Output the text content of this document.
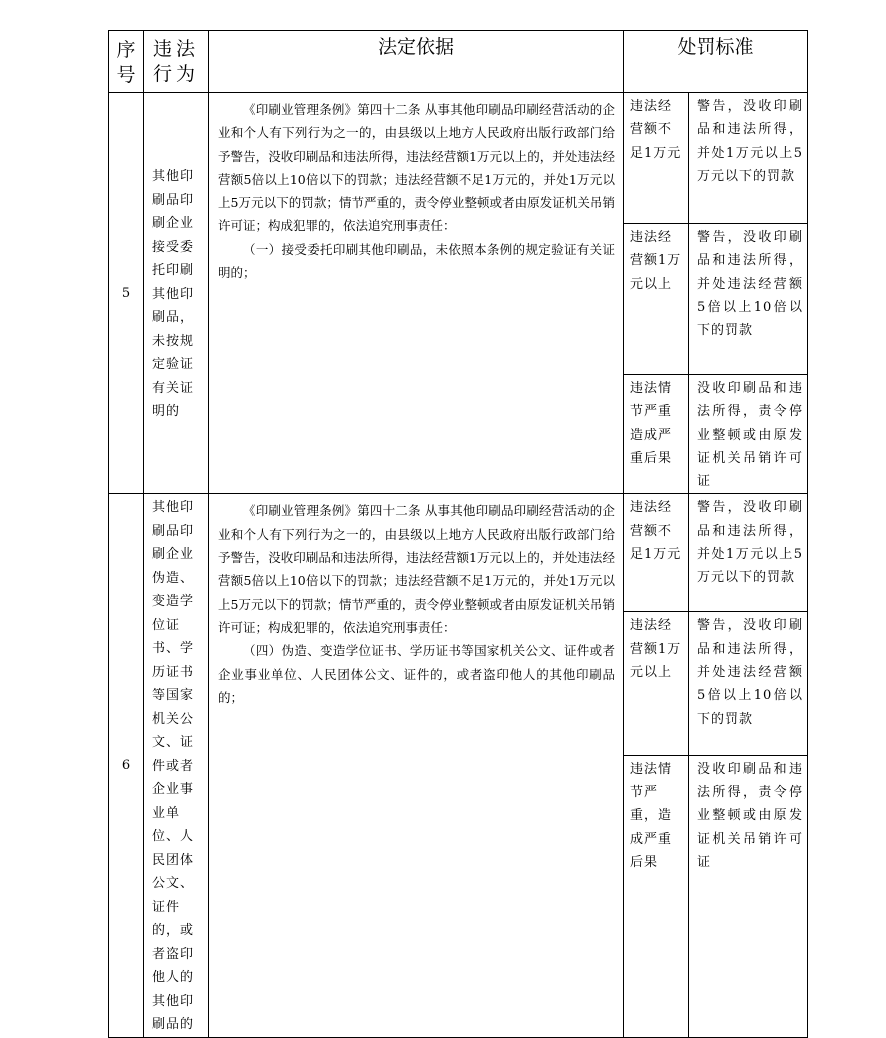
序号	违法行为	法定依据	处罚标准	
5	其他印刷品印刷企业接受委托印刷其他印刷品，未按规定验证有关证明的	《印刷业管理条例》第四十二条 从事其他印刷品印刷经营活动的企业和个人有下列行为之一的，由县级以上地方人民政府出版行政部门给予警告，没收印刷品和违法所得，违法经营额1万元以上的，并处违法经营额5倍以上10倍以下的罚款；违法经营额不足1万元的，并处1万元以上5万元以下的罚款；情节严重的，责令停业整顿或者由原发证机关吊销许可证；构成犯罪的，依法追究刑事责任：

（一）接受委托印刷其他印刷品，未依照本条例的规定验证有关证明的；	违法经营额不足1万元	警告，没收印刷品和违法所得，并处1万元以上5万元以下的罚款
			违法经营额1万元以上	警告，没收印刷品和违法所得，并处违法经营额5倍以上10倍以下的罚款
			违法情节严重造成严重后果	没收印刷品和违法所得，责令停业整顿或由原发证机关吊销许可证
6	其他印刷品印刷企业伪造、变造学位证书、学历证书等国家机关公文、证件或者企业事业单位、人民团体公文、证件的，或者盗印他人的其他印刷品的	《印刷业管理条例》第四十二条 从事其他印刷品印刷经营活动的企业和个人有下列行为之一的，由县级以上地方人民政府出版行政部门给予警告，没收印刷品和违法所得，违法经营额1万元以上的，并处违法经营额5倍以上10倍以下的罚款；违法经营额不足1万元的，并处1万元以上5万元以下的罚款；情节严重的，责令停业整顿或者由原发证机关吊销许可证；构成犯罪的，依法追究刑事责任：

（四）伪造、变造学位证书、学历证书等国家机关公文、证件或者企业事业单位、人民团体公文、证件的，或者盗印他人的其他印刷品的；	违法经营额不足1万元	警告，没收印刷品和违法所得，并处1万元以上5万元以下的罚款
			违法经营额1万元以上	警告，没收印刷品和违法所得，并处违法经营额5倍以上10倍以下的罚款
			违法情节严重，造成严重后果	没收印刷品和违法所得，责令停业整顿或由原发证机关吊销许可证
